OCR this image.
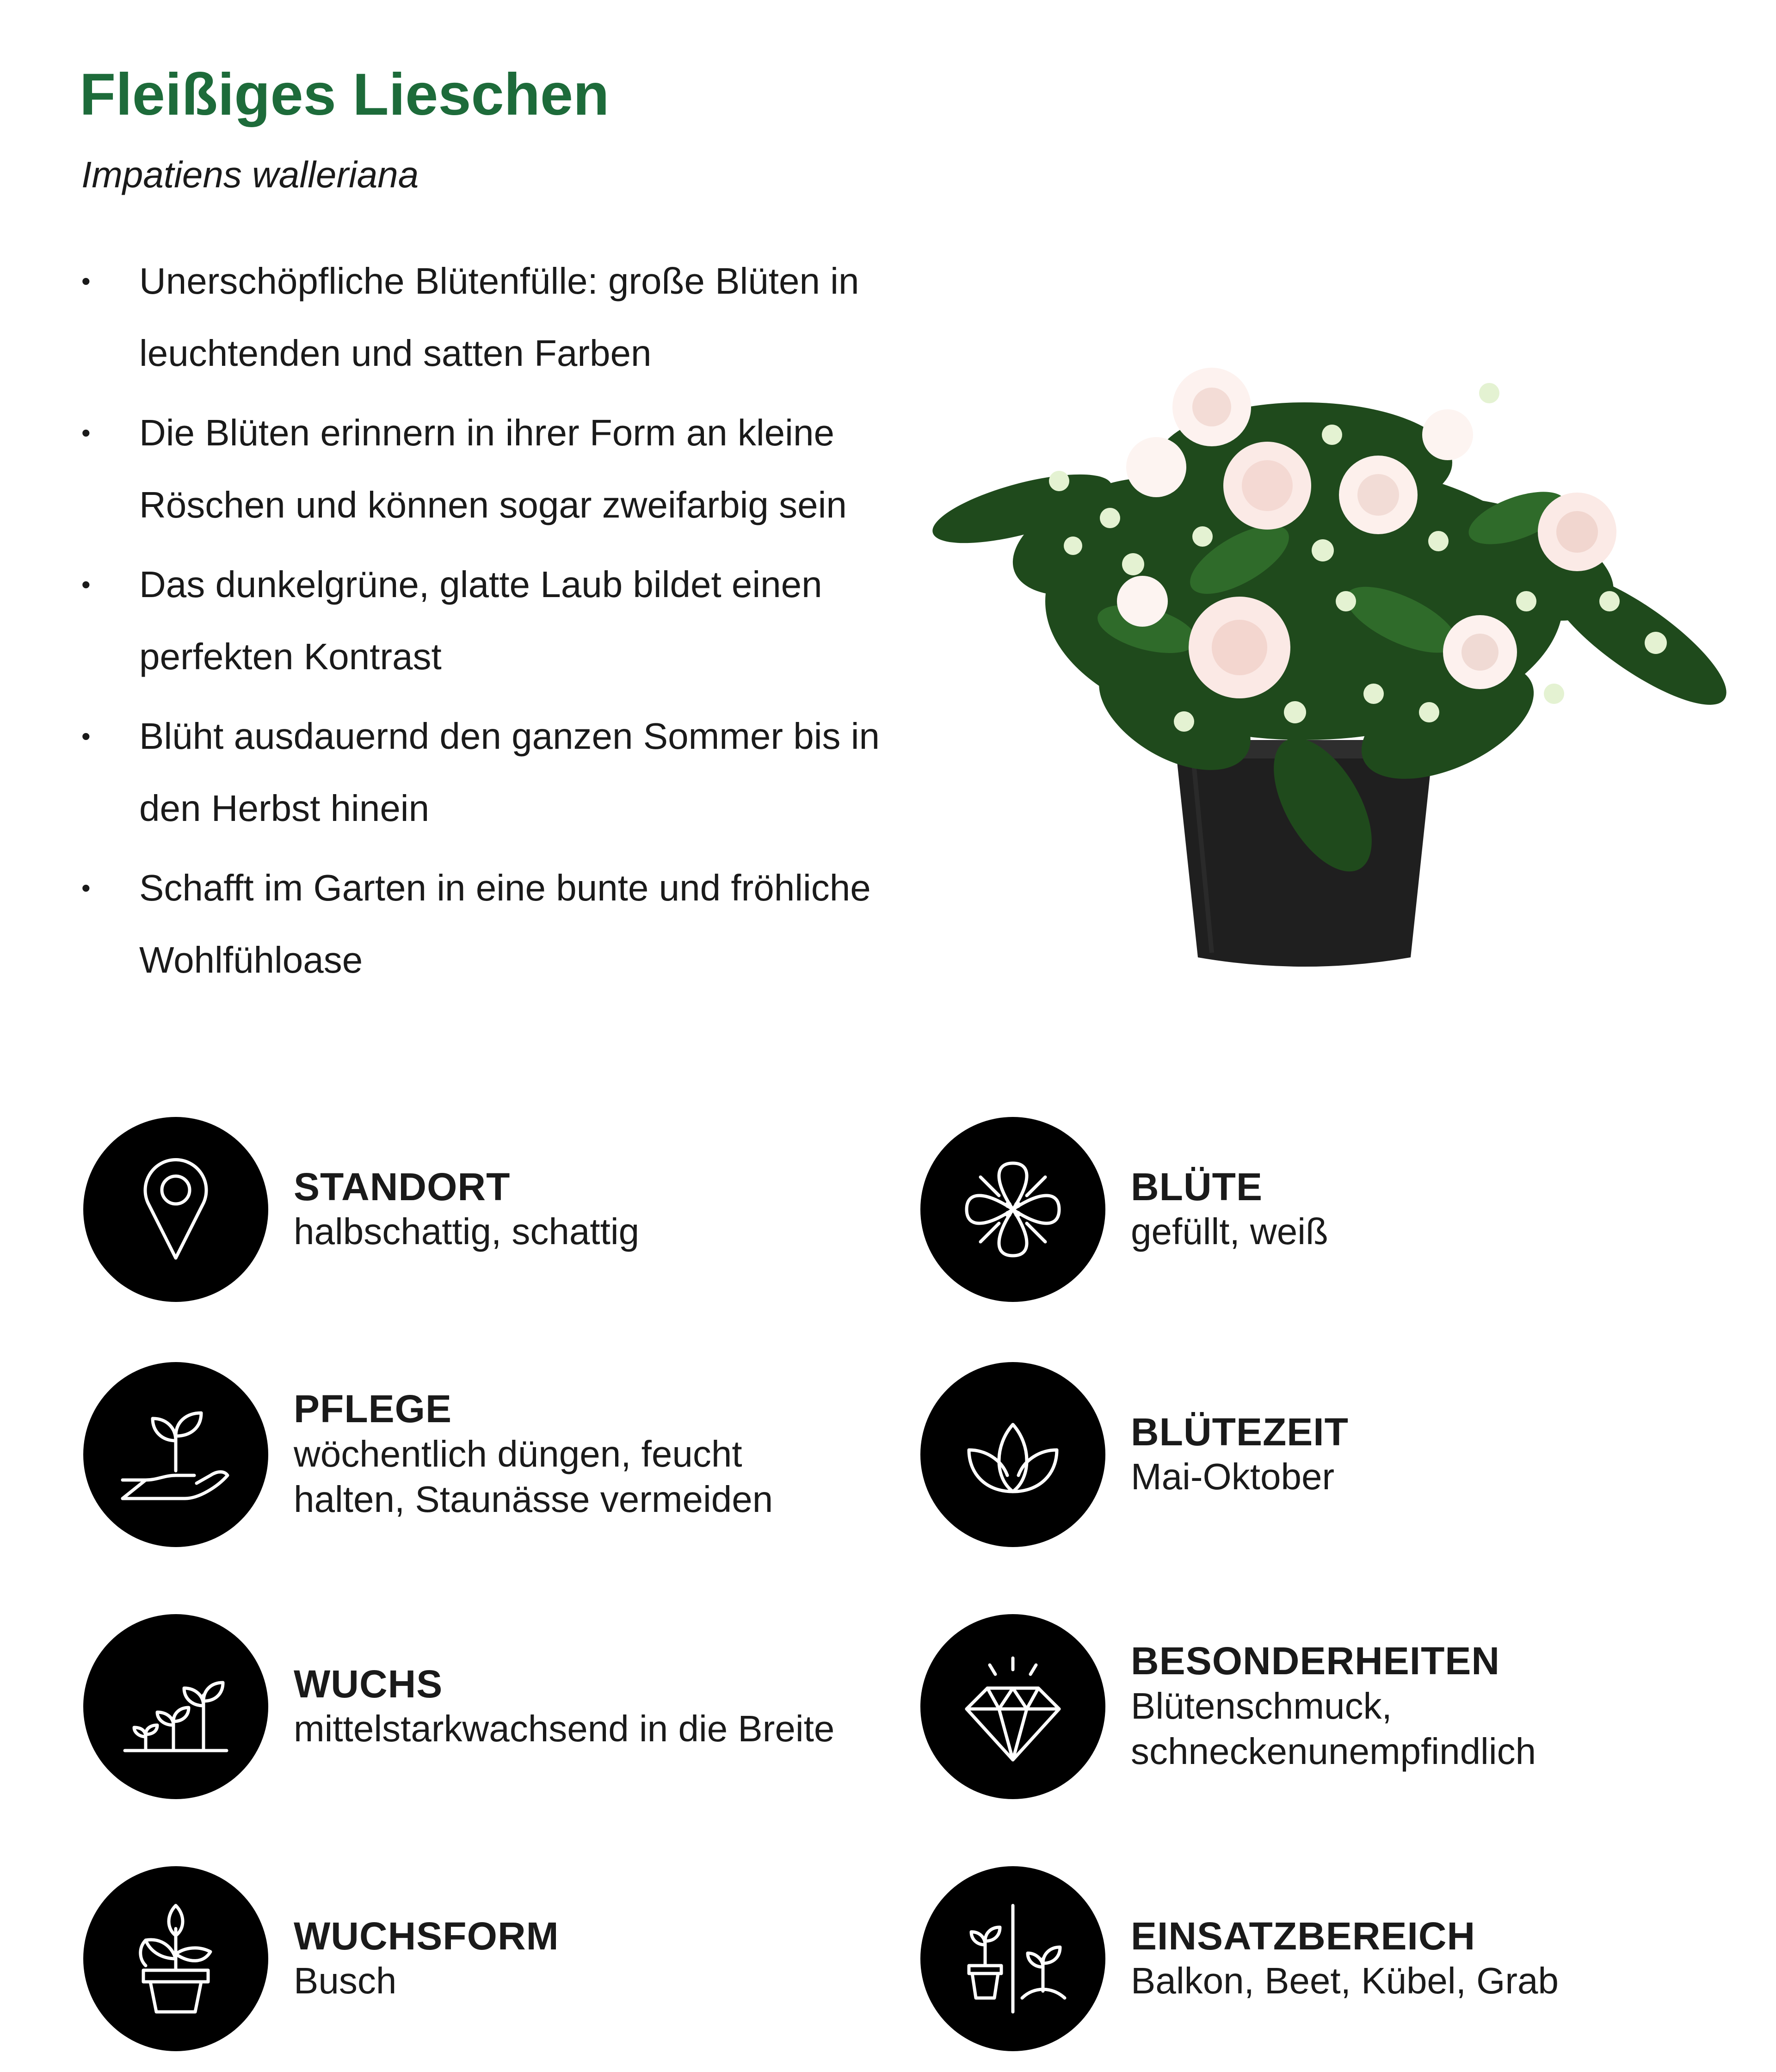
Fleißiges Lieschen
Impatiens walleriana
• Unerschöpfliche Blütenfülle: große Blüten in leuchtenden und satten Farben
• Die Blüten erinnern in ihrer Form an kleine Röschen und können sogar zweifarbig sein
• Das dunkelgrüne, glatte Laub bildet einen perfekten Kontrast
• Blüht ausdauernd den ganzen Sommer bis in den Herbst hinein
• Schafft im Garten in eine bunte und fröhliche Wohlfühloase
STANDORT
halbschattig, schattig
BLÜTE
gefüllt, weiß
PFLEGE
wöchentlich düngen, feucht
halten, Staunässe vermeiden
BLÜTEZEIT
Mai-Oktober
WUCHS
mittelstarkwachsend in die Breite
BESONDERHEITEN
Blütenschmuck,
schneckenunempfindlich
WUCHSFORM
Busch
EINSATZBEREICH
Balkon, Beet, Kübel, Grab
